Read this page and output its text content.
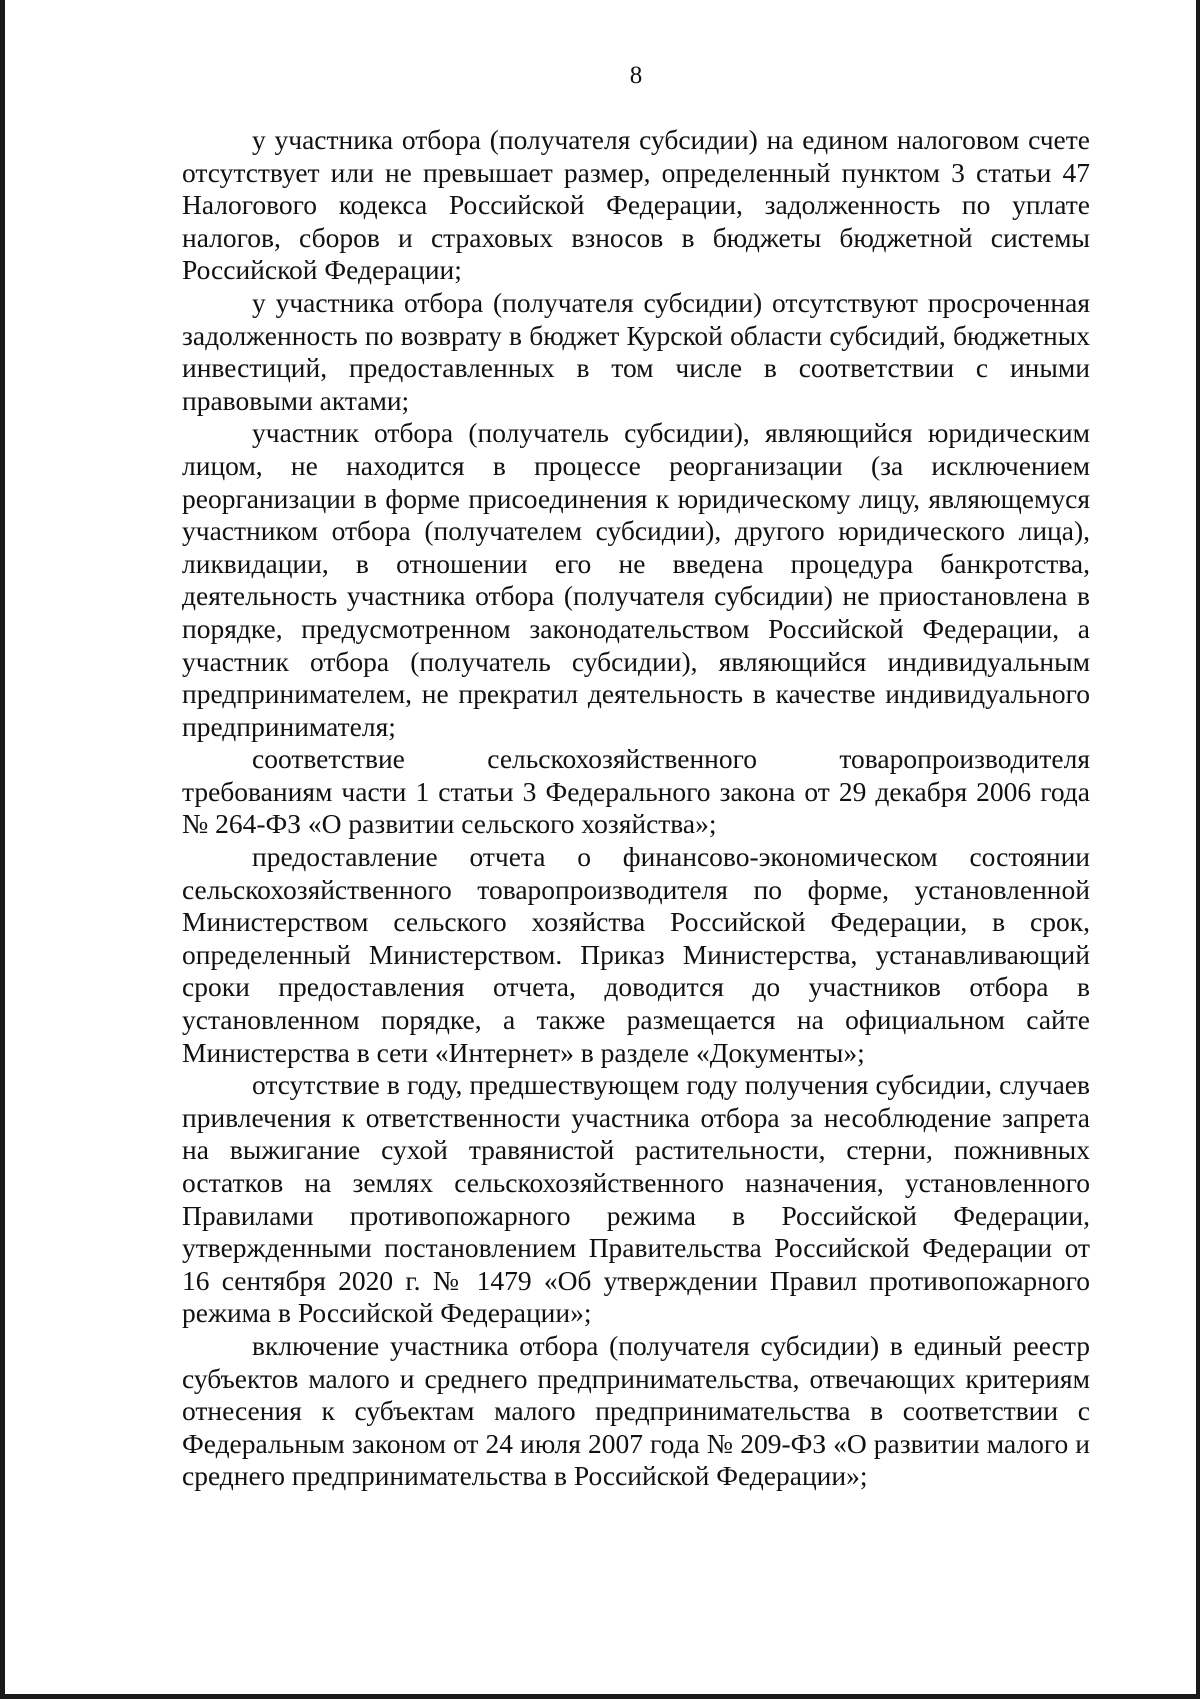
8

у участника отбора (получателя субсидии) на едином налоговом счете отсутствует или не превышает размер, определенный пунктом 3 статьи 47 Налогового кодекса Российской Федерации, задолженность по уплате налогов, сборов и страховых взносов в бюджеты бюджетной системы Российской Федерации;

у участника отбора (получателя субсидии) отсутствуют просроченная задолженность по возврату в бюджет Курской области субсидий, бюджетных инвестиций, предоставленных в том числе в соответствии с иными правовыми актами;

участник отбора (получатель субсидии), являющийся юридическим лицом, не находится в процессе реорганизации (за исключением реорганизации в форме присоединения к юридическому лицу, являющемуся участником отбора (получателем субсидии), другого юридического лица), ликвидации, в отношении его не введена процедура банкротства, деятельность участника отбора (получателя субсидии) не приостановлена в порядке, предусмотренном законодательством Российской Федерации, а участник отбора (получатель субсидии), являющийся индивидуальным предпринимателем, не прекратил деятельность в качестве индивидуального предпринимателя;

соответствие сельскохозяйственного товаропроизводителя требованиям части 1 статьи 3 Федерального закона от 29 декабря 2006 года № 264-ФЗ «О развитии сельского хозяйства»;

предоставление отчета о финансово-экономическом состоянии сельскохозяйственного товаропроизводителя по форме, установленной Министерством сельского хозяйства Российской Федерации, в срок, определенный Министерством. Приказ Министерства, устанавливающий сроки предоставления отчета, доводится до участников отбора в установленном порядке, а также размещается на официальном сайте Министерства в сети «Интернет» в разделе «Документы»;

отсутствие в году, предшествующем году получения субсидии, случаев привлечения к ответственности участника отбора за несоблюдение запрета на выжигание сухой травянистой растительности, стерни, пожнивных остатков на землях сельскохозяйственного назначения, установленного Правилами противопожарного режима в Российской Федерации, утвержденными постановлением Правительства Российской Федерации от 16 сентября 2020 г. № 1479 «Об утверждении Правил противопожарного режима в Российской Федерации»;

включение участника отбора (получателя субсидии) в единый реестр субъектов малого и среднего предпринимательства, отвечающих критериям отнесения к субъектам малого предпринимательства в соответствии с Федеральным законом от 24 июля 2007 года № 209-ФЗ «О развитии малого и среднего предпринимательства в Российской Федерации»;
